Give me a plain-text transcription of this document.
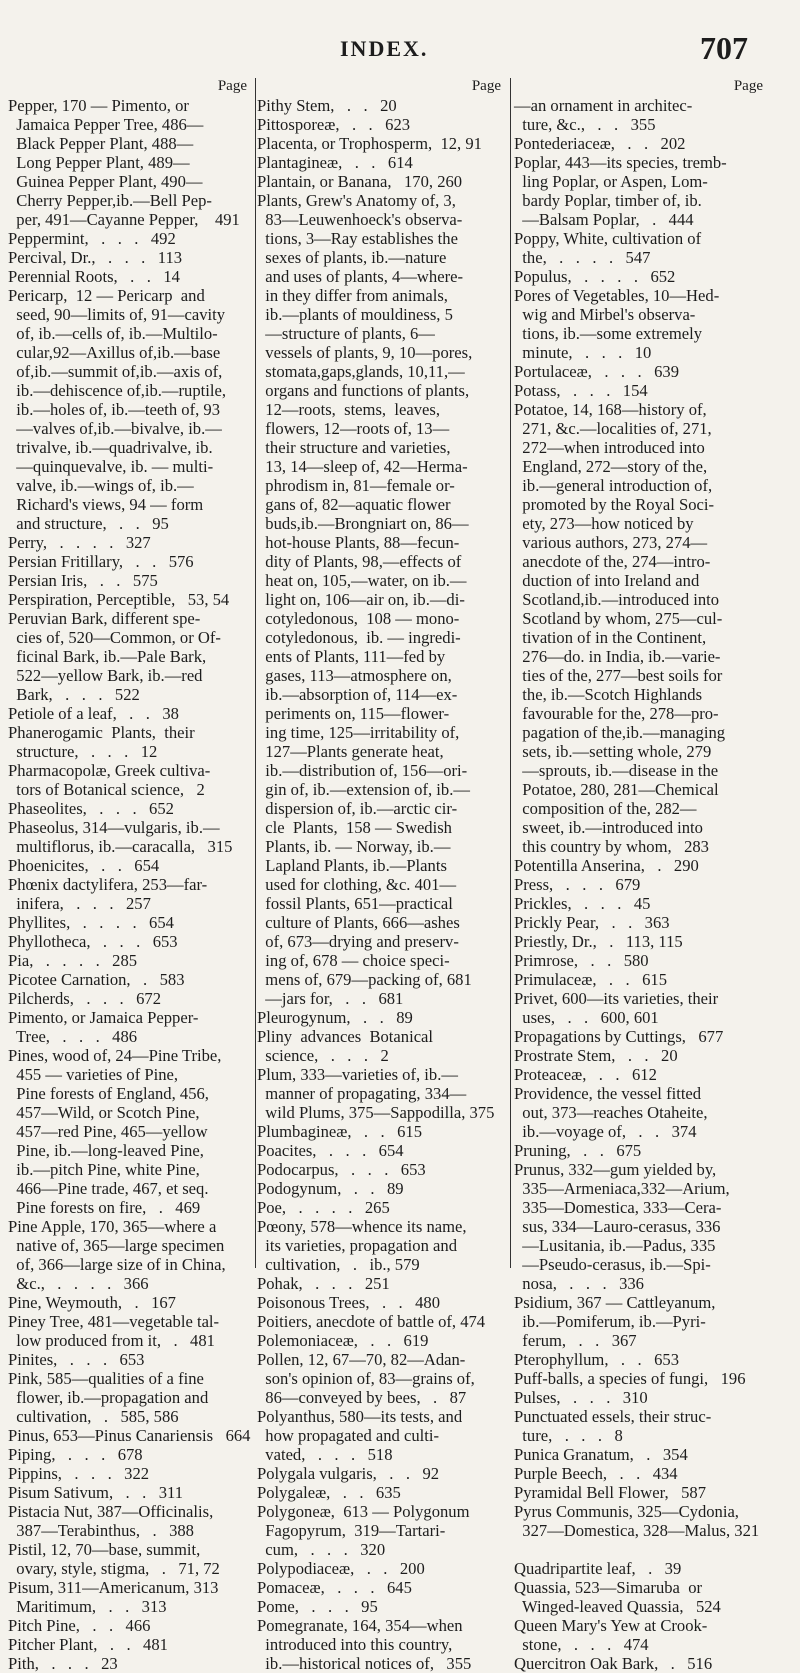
INDEX.	707
Page
Pepper, 170 — Pimento, or
Jamaica Pepper Tree, 486—
Black Pepper Plant, 488—
Long Pepper Plant, 489—
Guinea Pepper Plant, 490—
Cherry Pepper,ib.—Bell Pep-
per, 491—Cayanne Pepper,    491
Peppermint,   .   .   .   492
Percival, Dr.,   .   .   .   113
Perennial Roots,   .   .   14
Pericarp,  12 — Pericarp  and
seed, 90—limits of, 91—cavity
of, ib.—cells of, ib.—Multilo-
cular,92—Axillus of,ib.—base
of,ib.—summit of,ib.—axis of,
ib.—dehiscence of,ib.—ruptile,
ib.—holes of, ib.—teeth of, 93
—valves of,ib.—bivalve, ib.—
trivalve, ib.—quadrivalve, ib.
—quinquevalve, ib. — multi-
valve, ib.—wings of, ib.—
Richard's views, 94 — form
and structure,   .   .   95
Perry,   .   .   .   .   327
Persian Fritillary,   .   .   576
Persian Iris,   .   .   575
Perspiration, Perceptible,   53, 54
Peruvian Bark, different spe-
cies of, 520—Common, or Of-
ficinal Bark, ib.—Pale Bark,
522—yellow Bark, ib.—red
Bark,   .   .   .   522
Petiole of a leaf,   .   .   38
Phanerogamic  Plants,  their
structure,   .   .   .   12
Pharmacopolæ, Greek cultiva-
tors of Botanical science,   2
Phaseolites,   .   .   .   652
Phaseolus, 314—vulgaris, ib.—
multiflorus, ib.—caracalla,   315
Phoenicites,   .   .   654
Phœnix dactylifera, 253—far-
inifera,   .   .   .   257
Phyllites,   .   .   .   .   654
Phyllotheca,   .   .   .   653
Pia,   .   .   .   .   285
Picotee Carnation,   .   583
Pilcherds,   .   .   .   672
Pimento, or Jamaica Pepper-
Tree,   .   .   .   486
Pines, wood of, 24—Pine Tribe,
455 — varieties of Pine,
Pine forests of England, 456,
457—Wild, or Scotch Pine,
457—red Pine, 465—yellow
Pine, ib.—long-leaved Pine,
ib.—pitch Pine, white Pine,
466—Pine trade, 467, et seq.
Pine forests on fire,   .   469
Pine Apple, 170, 365—where a
native of, 365—large specimen
of, 366—large size of in China,
&c.,   .   .   .   .   366
Pine, Weymouth,   .   167
Piney Tree, 481—vegetable tal-
low produced from it,   .   481
Pinites,   .   .   .   653
Pink, 585—qualities of a fine
flower, ib.—propagation and
cultivation,   .   585, 586
Pinus, 653—Pinus Canariensis   664
Piping,   .   .   .   678
Pippins,   .   .   .   322
Pisum Sativum,   .   .   311
Pistacia Nut, 387—Officinalis,
387—Terabinthus,   .   388
Pistil, 12, 70—base, summit,
ovary, style, stigma,   .   71, 72
Pisum, 311—Americanum, 313
Maritimum,   .   .   313
Pitch Pine,   .   .   466
Pitcher Plant,   .   .   481
Pith,   .   .   .   23
Page
Pithy Stem,   .   .   20
Pittosporeæ,   .   .   623
Placenta, or Trophosperm,  12, 91
Plantagineæ,   .   .   614
Plantain, or Banana,   170, 260
Plants, Grew's Anatomy of, 3,
83—Leuwenhoeck's observa-
tions, 3—Ray establishes the
sexes of plants, ib.—nature
and uses of plants, 4—where-
in they differ from animals,
ib.—plants of mouldiness, 5
—structure of plants, 6—
vessels of plants, 9, 10—pores,
stomata,gaps,glands, 10,11,—
organs and functions of plants,
12—roots,  stems,  leaves,
flowers, 12—roots of, 13—
their structure and varieties,
13, 14—sleep of, 42—Herma-
phrodism in, 81—female or-
gans of, 82—aquatic flower
buds,ib.—Brongniart on, 86—
hot-house Plants, 88—fecun-
dity of Plants, 98,—effects of
heat on, 105,—water, on ib.—
light on, 106—air on, ib.—di-
cotyledonous,  108 — mono-
cotyledonous,  ib. — ingredi-
ents of Plants, 111—fed by
gases, 113—atmosphere on,
ib.—absorption of, 114—ex-
periments on, 115—flower-
ing time, 125—irritability of,
127—Plants generate heat,
ib.—distribution of, 156—ori-
gin of, ib.—extension of, ib.—
dispersion of, ib.—arctic cir-
cle  Plants,  158 — Swedish
Plants, ib. — Norway, ib.—
Lapland Plants, ib.—Plants
used for clothing, &c. 401—
fossil Plants, 651—practical
culture of Plants, 666—ashes
of, 673—drying and preserv-
ing of, 678 — choice speci-
mens of, 679—packing of, 681
—jars for,   .   .   681
Pleurogynum,   .   .   89
Pliny  advances  Botanical
science,   .   .   .   2
Plum, 333—varieties of, ib.—
manner of propagating, 334—
wild Plums, 375—Sappodilla, 375
Plumbagineæ,   .   .   615
Poacites,   .   .   .   654
Podocarpus,   .   .   .   653
Podogynum,   .   .   89
Poe,   .   .   .   .   265
Pœony, 578—whence its name,
its varieties, propagation and
cultivation,   .   ib., 579
Pohak,   .   .   .   251
Poisonous Trees,   .   .   480
Poitiers, anecdote of battle of, 474
Polemoniaceæ,   .   .   619
Pollen, 12, 67—70, 82—Adan-
son's opinion of, 83—grains of,
86—conveyed by bees,   .   87
Polyanthus, 580—its tests, and
how propagated and culti-
vated,   .   .   .   518
Polygala vulgaris,   .   .   92
Polygaleæ,   .   .   635
Polygoneæ,  613 — Polygonum
Fagopyrum,  319—Tartari-
cum,   .   .   .   320
Polypodiaceæ,   .   .   200
Pomaceæ,   .   .   .   645
Pome,   .   .   .   95
Pomegranate, 164, 354—when
introduced into this country,
ib.—historical notices of,   355
Page
—an ornament in architec-
ture, &c.,   .   .   355
Pontederiaceæ,   .   .   202
Poplar, 443—its species, tremb-
ling Poplar, or Aspen, Lom-
bardy Poplar, timber of, ib.
—Balsam Poplar,   .   444
Poppy, White, cultivation of
the,   .   .   .   .   547
Populus,   .   .   .   .   652
Pores of Vegetables, 10—Hed-
wig and Mirbel's observa-
tions, ib.—some extremely
minute,   .   .   .   10
Portulaceæ,   .   .   .   639
Potass,   .   .   .   154
Potatoe, 14, 168—history of,
271, &c.—localities of, 271,
272—when introduced into
England, 272—story of the,
ib.—general introduction of,
promoted by the Royal Soci-
ety, 273—how noticed by
various authors, 273, 274—
anecdote of the, 274—intro-
duction of into Ireland and
Scotland,ib.—introduced into
Scotland by whom, 275—cul-
tivation of in the Continent,
276—do. in India, ib.—varie-
ties of the, 277—best soils for
the, ib.—Scotch Highlands
favourable for the, 278—pro-
pagation of the,ib.—managing
sets, ib.—setting whole, 279
—sprouts, ib.—disease in the
Potatoe, 280, 281—Chemical
composition of the, 282—
sweet, ib.—introduced into
this country by whom,   283
Potentilla Anserina,   .   290
Press,   .   .   .   679
Prickles,   .   .   .   45
Prickly Pear,   .   .   363
Priestly, Dr.,   .   113, 115
Primrose,   .   .   580
Primulaceæ,   .   .   615
Privet, 600—its varieties, their
uses,   .   .   600, 601
Propagations by Cuttings,   677
Prostrate Stem,   .   .   20
Proteaceæ,   .   .   612
Providence, the vessel fitted
out, 373—reaches Otaheite,
ib.—voyage of,   .   .   374
Pruning,   .   .   675
Prunus, 332—gum yielded by,
335—Armeniaca,332—Arium,
335—Domestica, 333—Cera-
sus, 334—Lauro-cerasus, 336
—Lusitania, ib.—Padus, 335
—Pseudo-cerasus, ib.—Spi-
nosa,   .   .   .   336
Psidium, 367 — Cattleyanum,
ib.—Pomiferum, ib.—Pyri-
ferum,   .   .   367
Pterophyllum,   .   .   653
Puff-balls, a species of fungi,   196
Pulses,   .   .   .   310
Punctuated essels, their struc-
ture,   .   .   .   8
Punica Granatum,   .   354
Purple Beech,   .   .   434
Pyramidal Bell Flower,   587
Pyrus Communis, 325—Cydonia,
327—Domestica, 328—Malus, 321
Quadripartite leaf,   .   39
Quassia, 523—Simaruba  or
Winged-leaved Quassia,   524
Queen Mary's Yew at Crook-
stone,   .   .   .   474
Quercitron Oak Bark,   .   516
